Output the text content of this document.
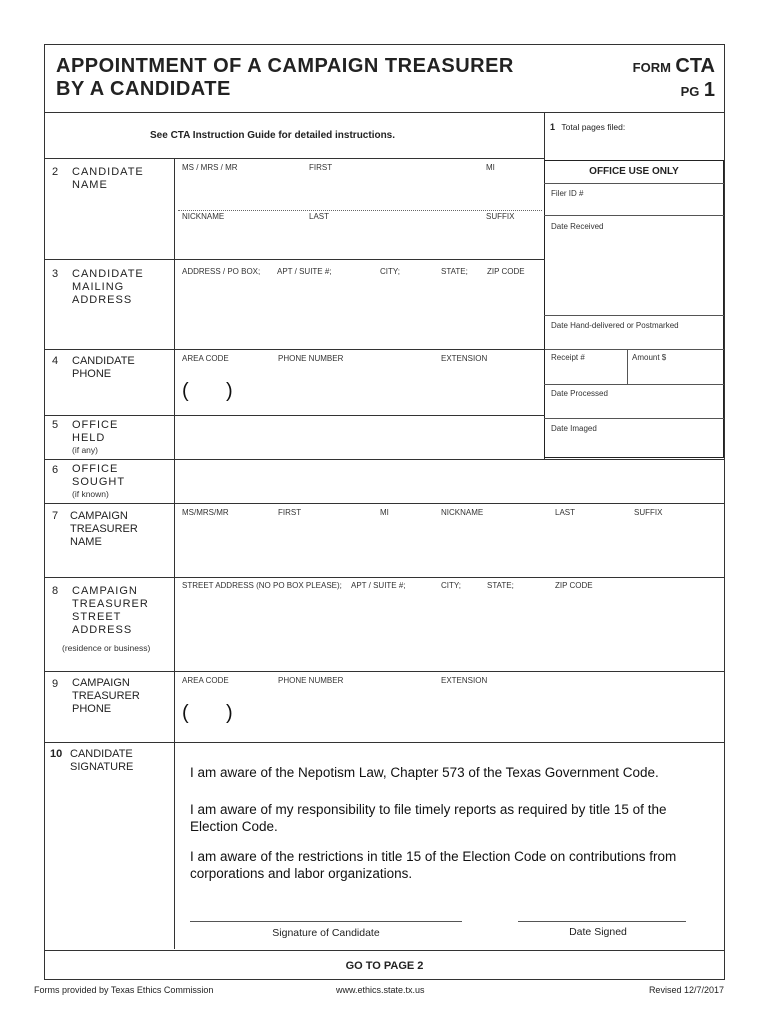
APPOINTMENT OF A CAMPAIGN TREASURER
BY A CANDIDATE
FORM CTA
PG 1
See CTA Instruction Guide for detailed instructions.
1 Total pages filed:
OFFICE USE ONLY
Filer ID #
Date Received
Date Hand-delivered or Postmarked
Receipt #	Amount $
Date Processed
Date Imaged
2 CANDIDATE
NAME
MS / MRS / MR	FIRST	MI
NICKNAME	LAST	SUFFIX
3 CANDIDATE
MAILING
ADDRESS
ADDRESS / PO BOX; APT / SUITE #;	CITY;	STATE; ZIP CODE
4 CANDIDATE
PHONE
AREA CODE	PHONE NUMBER	EXTENSION
( )
5 OFFICE
HELD
(if any)
6 OFFICE
SOUGHT
(if known)
7 CAMPAIGN
TREASURER
NAME
MS/MRS/MR	FIRST	MI	NICKNAME	LAST	SUFFIX
8 CAMPAIGN
TREASURER
STREET
ADDRESS
(residence or business)
STREET ADDRESS (NO PO BOX PLEASE); APT / SUITE #;	CITY;	STATE;	ZIP CODE
9 CAMPAIGN
TREASURER
PHONE
AREA CODE	PHONE NUMBER	EXTENSION
( )
10 CANDIDATE
SIGNATURE	I am aware of the Nepotism Law, Chapter 573 of the Texas Government Code.
I am aware of my responsibility to file timely reports as required by title 15 of the Election Code.
I am aware of the restrictions in title 15 of the Election Code on contributions from corporations and labor organizations.
Signature of Candidate	Date Signed
GO TO PAGE 2
Forms provided by Texas Ethics Commission	www.ethics.state.tx.us	Revised 12/7/2017
